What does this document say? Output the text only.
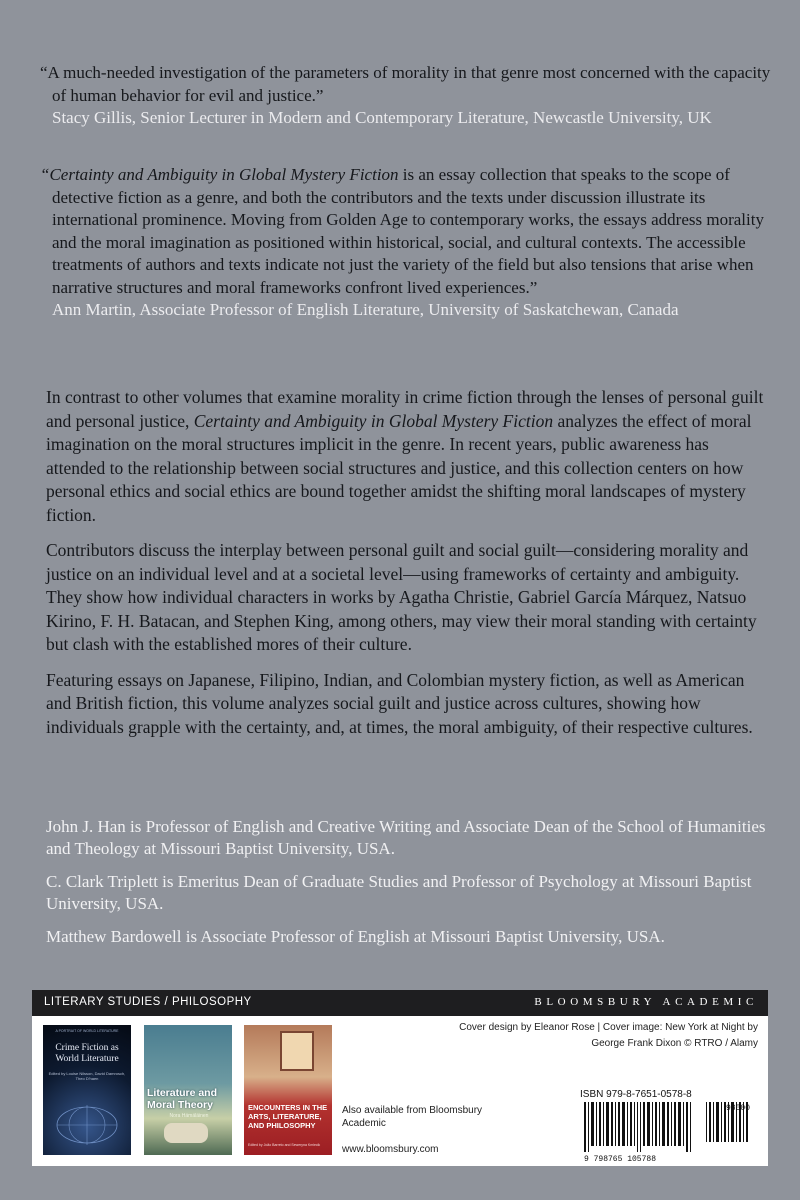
“A much-needed investigation of the parameters of morality in that genre most concerned with the capacity of human behavior for evil and justice.”

Stacy Gillis, Senior Lecturer in Modern and Contemporary Literature, Newcastle University, UK

“Certainty and Ambiguity in Global Mystery Fiction is an essay collection that speaks to the scope of detective fiction as a genre, and both the contributors and the texts under discussion illustrate its international prominence. Moving from Golden Age to contemporary works, the essays address morality and the moral imagination as positioned within historical, social, and cultural contexts. The accessible treatments of authors and texts indicate not just the variety of the field but also tensions that arise when narrative structures and moral frameworks confront lived experiences.”

Ann Martin, Associate Professor of English Literature, University of Saskatchewan, Canada

In contrast to other volumes that examine morality in crime fiction through the lenses of personal guilt and personal justice, Certainty and Ambiguity in Global Mystery Fiction analyzes the effect of moral imagination on the moral structures implicit in the genre. In recent years, public awareness has attended to the relationship between social structures and justice, and this collection centers on how personal ethics and social ethics are bound together amidst the shifting moral landscapes of mystery fiction.

Contributors discuss the interplay between personal guilt and social guilt—considering morality and justice on an individual level and at a societal level—using frameworks of certainty and ambiguity. They show how individual characters in works by Agatha Christie, Gabriel García Márquez, Natsuo Kirino, F. H. Batacan, and Stephen King, among others, may view their moral standing with certainty but clash with the established mores of their culture.

Featuring essays on Japanese, Filipino, Indian, and Colombian mystery fiction, as well as American and British fiction, this volume analyzes social guilt and justice across cultures, showing how individuals grapple with the certainty, and, at times, the moral ambiguity, of their respective cultures.

John J. Han is Professor of English and Creative Writing and Associate Dean of the School of Humanities and Theology at Missouri Baptist University, USA.

C. Clark Triplett is Emeritus Dean of Graduate Studies and Professor of Psychology at Missouri Baptist University, USA.

Matthew Bardowell is Associate Professor of English at Missouri Baptist University, USA.

LITERARY STUDIES / PHILOSOPHY	BLOOMSBURY ACADEMIC
A PORTRAIT OF WORLD LITERATURE
Crime Fiction as World Literature
Edited by Louise Nilsson, David Damrosch, Theo D'haen
Literature and Moral Theory
Nora Hämäläinen
ENCOUNTERS IN THE ARTS, LITERATURE, AND PHILOSOPHY
Edited by João Barreto and Seweryna Kmiecik
Also available from Bloomsbury Academic
www.bloomsbury.com
Cover design by Eleanor Rose | Cover image: New York at Night by
George Frank Dixon © RTRO / Alamy
ISBN 979-8-7651-0578-8
9 798765 105788
98000
